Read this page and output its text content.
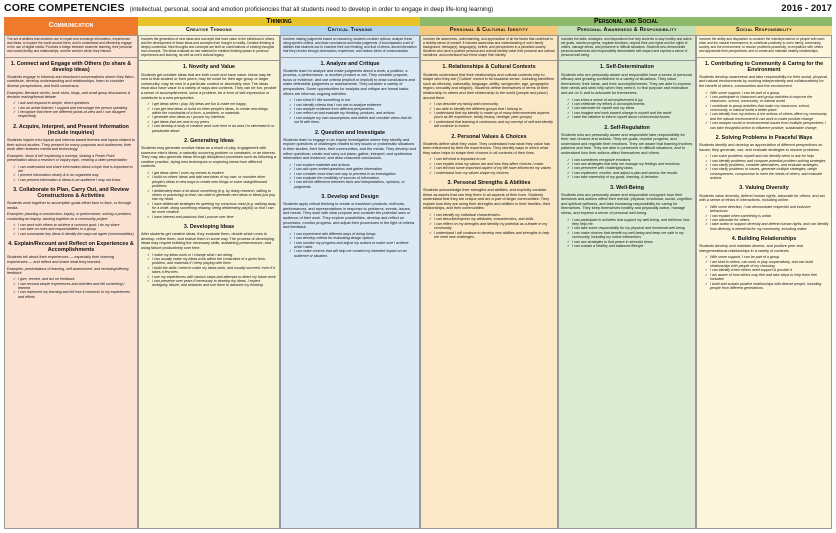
CORE COMPETENCIES (intellectual, personal, social and emotion proficiencies that all students need to develop in order to engage in deep life-long learning)	2016 - 2017
Communication
Thinking	Personal and Social
Creative Thinking	Critical Thinking	Personal & Cultural Identity	Personal Awareness & Responsibility	Social Responsibility
The set of abilities that students use to impart and exchange information, experiences and ideas, to explore the world around them, and to understand and effectively engage in the use of digital media. Provides a bridge between students' learning, their personal and social identity and relationships, and the world in which they interact.
1. Connect and Engage with Others (to share & develop ideas)
Students engage in informal and structured conversations where they listen, contribute, develop understanding and relationships, learn to consider diverse perspectives, and build consensus.
Examples: literature circles, book clubs, blogs, and small group discussions & decision making/formal debate
✓ I ask and respond to simple, direct questions
✓ I am an active listener; I support and encourage the person speaking
✓ I recognize that there are different points-of-view and I can disagree respectfully
2. Acquire, Interpret, and Present Information (include inquiries)
Students inquire into topical and interest-based themes and topics related to their school studies. They present for many purposes and audiences; their work often features media and technology.
Examples: 'show & tell' explaining a concept, sharing a Power Point presentation about a research or inquiry topic, creating a video presentation
✓ I can understand and share information about a topic that is important to me
✓ I present information clearly & in an organized way
✓ I can present information & ideas to an audience I may not know
3. Collaborate to Plan, Carry Out, and Review Constructions & Activities
Students work together to accomplish goals either face to face, or through media.
Examples: planning a construction, inquiry, or performance, solving a problem, conducting an inquiry, working together on a community project
✓ I can work with others to achieve a common goal; I do my share
✓ I can take on roles and responsibilities in a group
✓ I can summarize key ideas & identify the ways we agree (commonalities)
4. Explain/Recount and Reflect on Experiences & Accomplishments
Students tell about their experiences — especially their learning experiences — and reflect and share what they learned.
Examples: presentations of learning, self-assessment, and receiving/offering feedback
✓ I give, receive, and act on feedback
✓ I can recount simple experiences and activities and tell something I learned
✓ I can represent my learning and tell how it connects to my experiences and efforts
Involves the generation of new ideas and concepts that have value to the individual or others, and the development of those ideas and concepts from thought to reality. Creative thinking is deeply contextual. New thoughts and concepts are built on combinations of existing thoughts and concepts. The ideas evaluate as raw material for creative thinking spawn in previous experiences and learning, as well as one's cultural legacy.
1. Novelty and Value
Students get creative ideas that are both novel and have value. Ideas may be new to that student or their peers; may be novel for their age group or larger community; may be new in a particular context or absolutely new. The ideas must also have value in a variety of ways and contexts. They can be fun, provide a sense of accomplishment, solve a problem, be a form of self-expression or contribute to a new perspective.
✓ I get ideas when I play. My ideas are fun & make me happy.
✓ I can get new ideas or build on other people's ideas, to create new things within the constraints of a form, a problem, or materials
✓ I generate new ideas as I pursue my interests
✓ I get ideas that are new to my peers
✓ I can develop a body of creative work over time in an area I'm interested in or passionate about
2. Generating Ideas
Students may generate creative ideas as a result of play, engagement with someone else's ideas, a naturally occurring problem or constraint, or an interest. They may also generate ideas through disciplined processes such as following a creative practice, trying new techniques or exploring ideas from different contexts.
✓ I get ideas when I uses my senses to explore.
✓ I build on others' ideas and add new ideas of my own, or combine other people's ideas in new ways to create new things or solve straightforward problems
✓ I deliberately learn a lot about something (e.g. by doing research, talking to others or practicing) so that I am able to generate new ideas or ideas just pop into my head.
✓ I have deliberate strategies for quieting my conscious mind (e.g. walking away for a while, doing something relaxing, being deliberately playful) so that I can be more creative.
✓ I have interest and passions that I pursue over time
3. Developing Ideas
After students get creative ideas, they evaluate them, decide which ones to develop, refine them, and realize them in some way. The process of developing ideas may require building the necessary skills, sustaining perseverance, and using failure productively over time.
✓ I make my ideas work or I change what I am doing.
✓ I can usually make my ideas work within the constraints of a given form, problem, and materials if I keep playing with them
✓ I build the skills I need to make my ideas work, and usually succeed, even if it takes a few tries
✓ I use my experiences with various steps and attempts to direct my future work
✓ I can preserve over years if necessary to develop my ideas. I expect ambiguity, failure, and setbacks and use them to advance my thinking
Involves making judgments based on reasoning: students consider options, analyze these using specific criteria, and draw conclusions and make judgments. It encompasses a set of abilities that students use to examine their own thinking, and that of others, about information that they receive through observation, experience, and various forms of communication.
1. Analyze and Critique
Students learn to analyze and make judgments about a work, a position, a process, a performance, or another product or act. They consider purpose, focus or evidence, and use criteria (explicit or implicit) to draw conclusions and make defensible judgments or assessments. They consider a variety of perspectives. Some opportunities for analysis and critique are formal tasks; others are informal, ongoing activities.
✓ I can show if I like something or not
✓ I can identify criteria that I can use to analyze evidence
✓ I can analyze evidence from different perspectives
✓ I can reflect on and evaluate my thinking, products, and actions
✓ I can analyze my own assumptions and beliefs and consider views that do not fit with them.
2. Question and Investigate
Students learn to engage in an inquiry investigation where they identify and explore questions or challenges related to key issues or problematic situations in their studies, their lives, their communities, and the media. They develop and refine questions; create and carry out plans; gather, interpret, and synthesize information and evidence; and draw reasoned conclusions.
✓ I can explore materials and actions.
✓ I can ask open-ended questions and gather information
✓ I can consider more than one way to proceed in an investigation
✓ I can evaluate the credibility of sources of information.
✓ I can tell the difference between facts and interpretations, opinions, or judgments.
3. Develop and Design
Students apply critical thinking to create or transform products, methods, performances, and representations in response to problems, events, issues, and needs. They work with clear purpose and consider the potential uses or audience of their work. They explore possibilities, develop and reflect on processes, monitor progress, and adjust their procedures in the light of criteria and feedback.
✓ I can experiment with different ways of doing things
✓ I can develop criteria for evaluating design options
✓ I can monitor my progress and adjust my actions to make sure I achieve what I want.
✓ I can make choices that will help me created my intended impact on an audience or situation.
Involves the awareness, understanding, and appreciation of all the facets that contribute to a healthy sense of oneself. It includes awareness and understanding of one's family background, heritage(s), language(s), beliefs, and perspectives in a pluralistic society. Students who have a positive personal and cultural identity value their personal and cultural narratives, and understand how these shape their identity.
1. Relationships & Cultural Contexts
Students understand that their relationships and cultural contexts help to shape who they are ('Culture' meant in its broadest sense, including identifiers such as ethnicity, nationality, language, ability, sex/gender, age, geographic region, sexuality and religion). Students define themselves in terms of their relationship to others and their relationship to the world (people and place) around them.
✓ I can describe my family and community.
✓ I am able to identify the different groups that I belong to.
✓ I understand that my identity is made up of many interconnected aspects (such as life experience, family history, heritage, peer groups)
✓ I understand that learning is continuous and my concept of self and identity will continue to evolve.
2. Personal Values & Choices
Students define what they value. They understand how what they value has been influenced by their life experiences. They identify ways in which what they value helps to shape their choices in all contexts of their lives.
✓ I can tell what is important to me.
✓ I can explain what my values are and how they affect choices I make.
✓ I can tell how some important aspect of my life have influenced my values
✓ I understand how my values shape my choices.
3. Personal Strengths & Abilities
Students acknowledge their strengths and abilities, and explicitly consider these as assets that can help them in all aspects of their lives. Students understand that they are unique and are a part of larger communities. They explain how they are using their strengths and abilities in their families, their relationships, and their communities.
✓ I can identify my individual characteristics.
✓ I can describe/express my attributes, characteristics, and skills.
✓ I can reflect on my strengths and identify my potential as a leader in my community.
✓ I understand I will continue to develop new abilities and strengths to help me meet new challenges.
Includes the skills, strategies, and dispositions that help students to stay healthy and active, set goals, monitor progress, regulate emotions, respect their own rights and the rights of others, manage stress, and persevere in difficult situations. Students who demonstrate personal awareness and responsibility demonstrate self-respect and express a sense of personal well-being.
1. Self-Determination
Students who are personally aware and responsible have a sense of personal efficacy and growing confidence in a variety of situations. They value themselves, their ideas, and their accomplishments. They are able to express their needs and seek help when they need it, to find purpose and motivation and act on it, and to advocate for themselves.
✓ I can show a sense of accomplishment & joy
✓ I can celebrate my efforts & accomplishments
✓ I can advocate for myself and my ideas
✓ I can imagine and work toward change in myself and the world
✓ I take the initiative to inform myself about controversial issues
2. Self-Regulation
Students who are personally aware and responsible take responsibility for their own choices and actions. They set goals, monitor progress, and understand and regulate their emotions. They are aware that learning involves patience and time. They are able to persevere in difficult situations, and to understand how their actions affect themselves and others.
✓ I can sometimes recognize emotions.
✓ I can use strategies that help me manage my feelings and emotions.
✓ I can persevere with challenging tasks
✓ I can implement, monitor, and adjust a plan and assess the results
✓ I can take ownership of my goals, learning, & behavior.
3. Well-Being
Students who are personally aware and responsible recognize how their decisions and actions affect their mental, physical, emotional, social, cognitive, and spiritual wellness, and take increasing responsibility for caring for themselves. They keep themselves healthy and physically active, manage stress, and express a sense of personal well-being.
✓ I can participate in activities that support my well-being, and tell/show how they help me.
✓ I can take some responsibility for my physical and emotional well-being
✓ I can make choices that benefit my well-being and keep me safe in my community, including my online interactions
✓ I can use strategies to find peace in stressful times.
✓ I can sustain a healthy and balanced lifestyle
Involves the ability and disposition to consider the interdependence of people with each other and the natural environment; to contribute positively to one's family, community, society, and the environment; to resolve problems peacefully; to empathize with others and appreciate their perspectives; and to create and maintain healthy relationships.
1. Contributing to Community & Caring for the Environment
Students develop awareness and take responsibility for their social, physical, and natural environments by working independently and collaboratively for the benefit of others, communities and the environment.
✓ With some support, I can be part of a group.
✓ I can participate in classroom and group activities to improve the classroom, school, community, or natural world.
✓ I contribute to group activities that make my classroom, school, community, or natural world a better place.
✓ I can identify how my actions & the actions of others affect my community and the natural environment & can work to make positive change
✓ I can analyze social or environmental issues from multiple perspectives; I can take thoughtful action to influence positive, sustainable change.
2. Solving Problems in Peaceful Ways
Students identify and develop an appreciation of different perspectives on issues; they generate, use, and evaluate strategies to resolve problems.
✓ I can solve problems myself and can identify when to ask for help.
✓ I can identify problems and compare potential problem-solving strategies
✓ I can clarify problems, consider alternatives, and evaluate strategies.
✓ I can clarify problems or issues, generate multiple strategies, weigh consequences, compromise to meet the needs of others, and evaluate actions
3. Valuing Diversity
Students value diversity, defend human rights, advocate for others, and act with a sense of ethics in interactions, including online.
✓ With some direction, I can demonstrate respectful and inclusive behaviours.
✓ I can explain when something is unfair.
✓ I can advocate for others
✓ I take action to support diversity and defend human rights, and can identify how diversity is beneficial for my community, including online.
4. Building Relationships
Students develop and maintain diverse, and positive peer and intergenerational relationships in a variety of contexts.
✓ With some support, I can be part of a group.
✓ I am kind to others, can work or play cooperatively, and can build relationships with people of my choosing.
✓ I can identify when others need support & provide it.
✓ I am aware of how others may feel and take steps to help them feel included.
✓ I build and sustain positive relationships with diverse people, including people from different generations.
